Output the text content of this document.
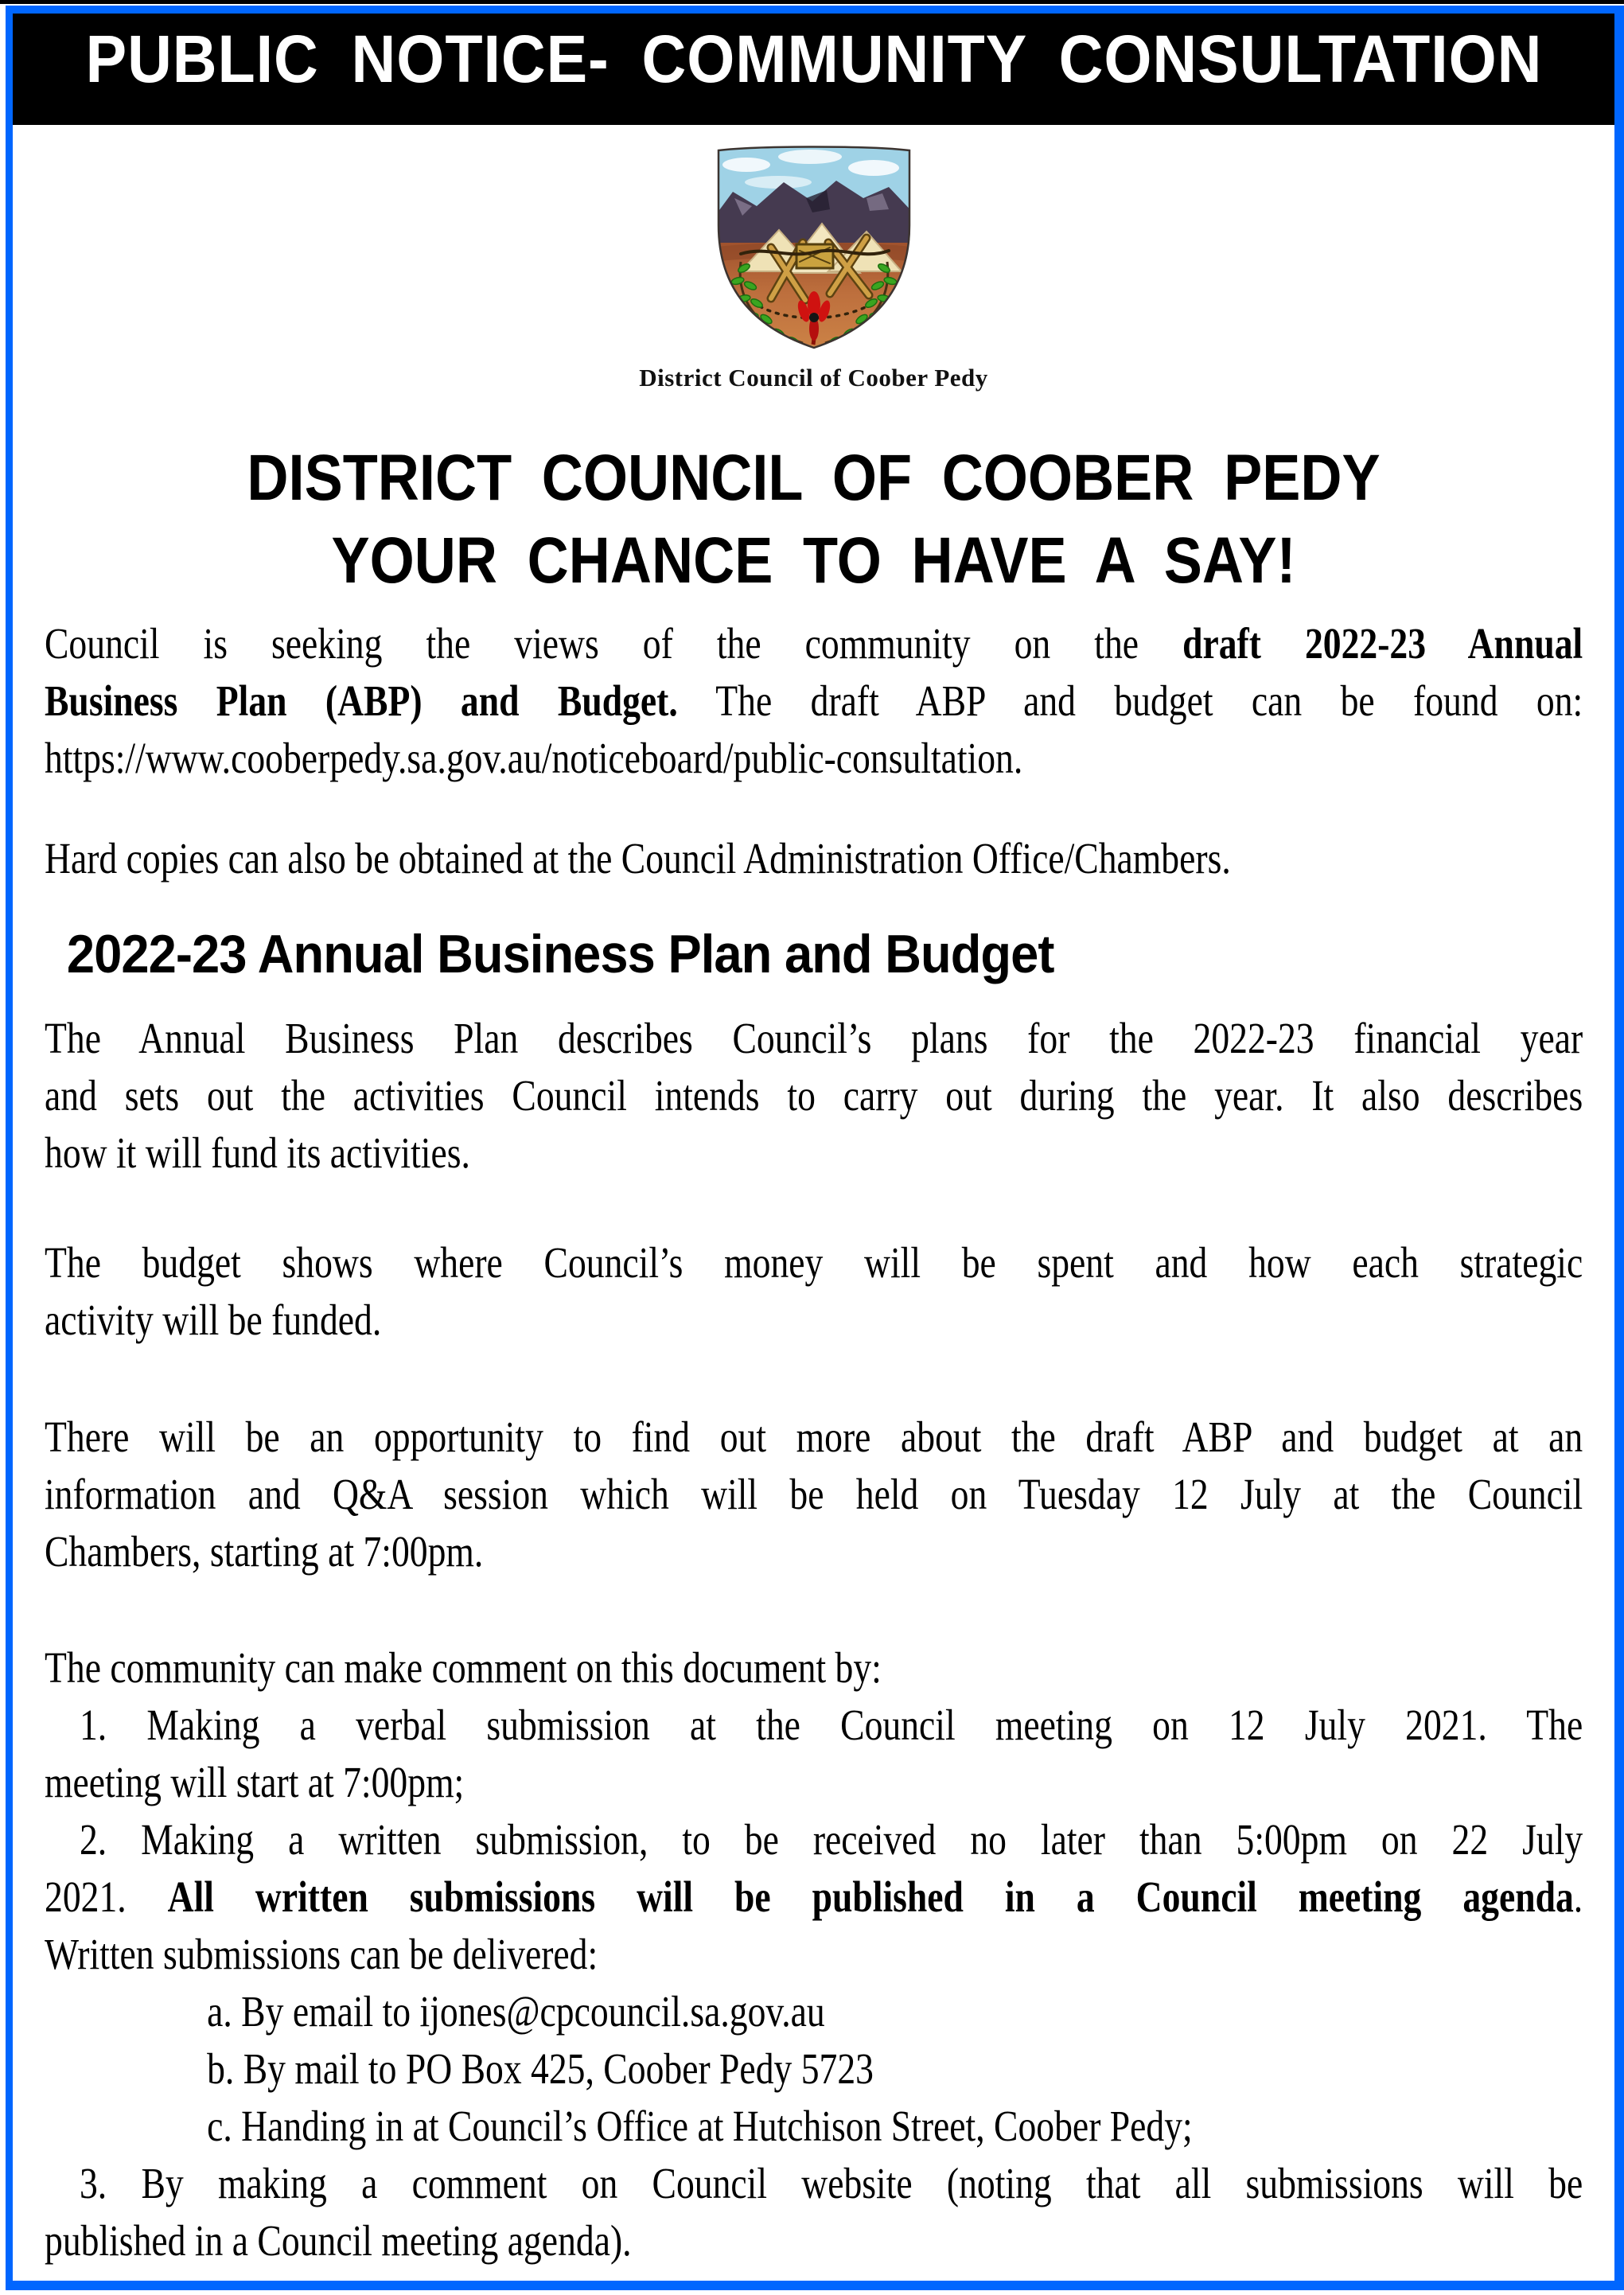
PUBLIC NOTICE- COMMUNITY CONSULTATION
District Council of Coober Pedy
DISTRICT COUNCIL OF COOBER PEDY
YOUR CHANCE TO HAVE A SAY!
Council is seeking the views of the community on the draft 2022-23 Annual
Business Plan (ABP) and Budget. The draft ABP and budget can be found on:
https://www.cooberpedy.sa.gov.au/noticeboard/public-consultation.
Hard copies can also be obtained at the Council Administration Office/Chambers.
2022-23 Annual Business Plan and Budget
The Annual Business Plan describes Council’s plans for the 2022-23 financial year
and sets out the activities Council intends to carry out during the year. It also describes
how it will fund its activities.
The budget shows where Council’s money will be spent and how each strategic
activity will be funded.
There will be an opportunity to find out more about the draft ABP and budget at an
information and Q&A session which will be held on Tuesday 12 July at the Council
Chambers, starting at 7:00pm.
The community can make comment on this document by:
1. Making a verbal submission at the Council meeting on 12 July 2021. The
meeting will start at 7:00pm;
2. Making a written submission, to be received no later than 5:00pm on 22 July
2021. All written submissions will be published in a Council meeting agenda.
Written submissions can be delivered:
a. By email to ijones@cpcouncil.sa.gov.au
b. By mail to PO Box 425, Coober Pedy 5723
c. Handing in at Council’s Office at Hutchison Street, Coober Pedy;
3. By making a comment on Council website (noting that all submissions will be
published in a Council meeting agenda).
